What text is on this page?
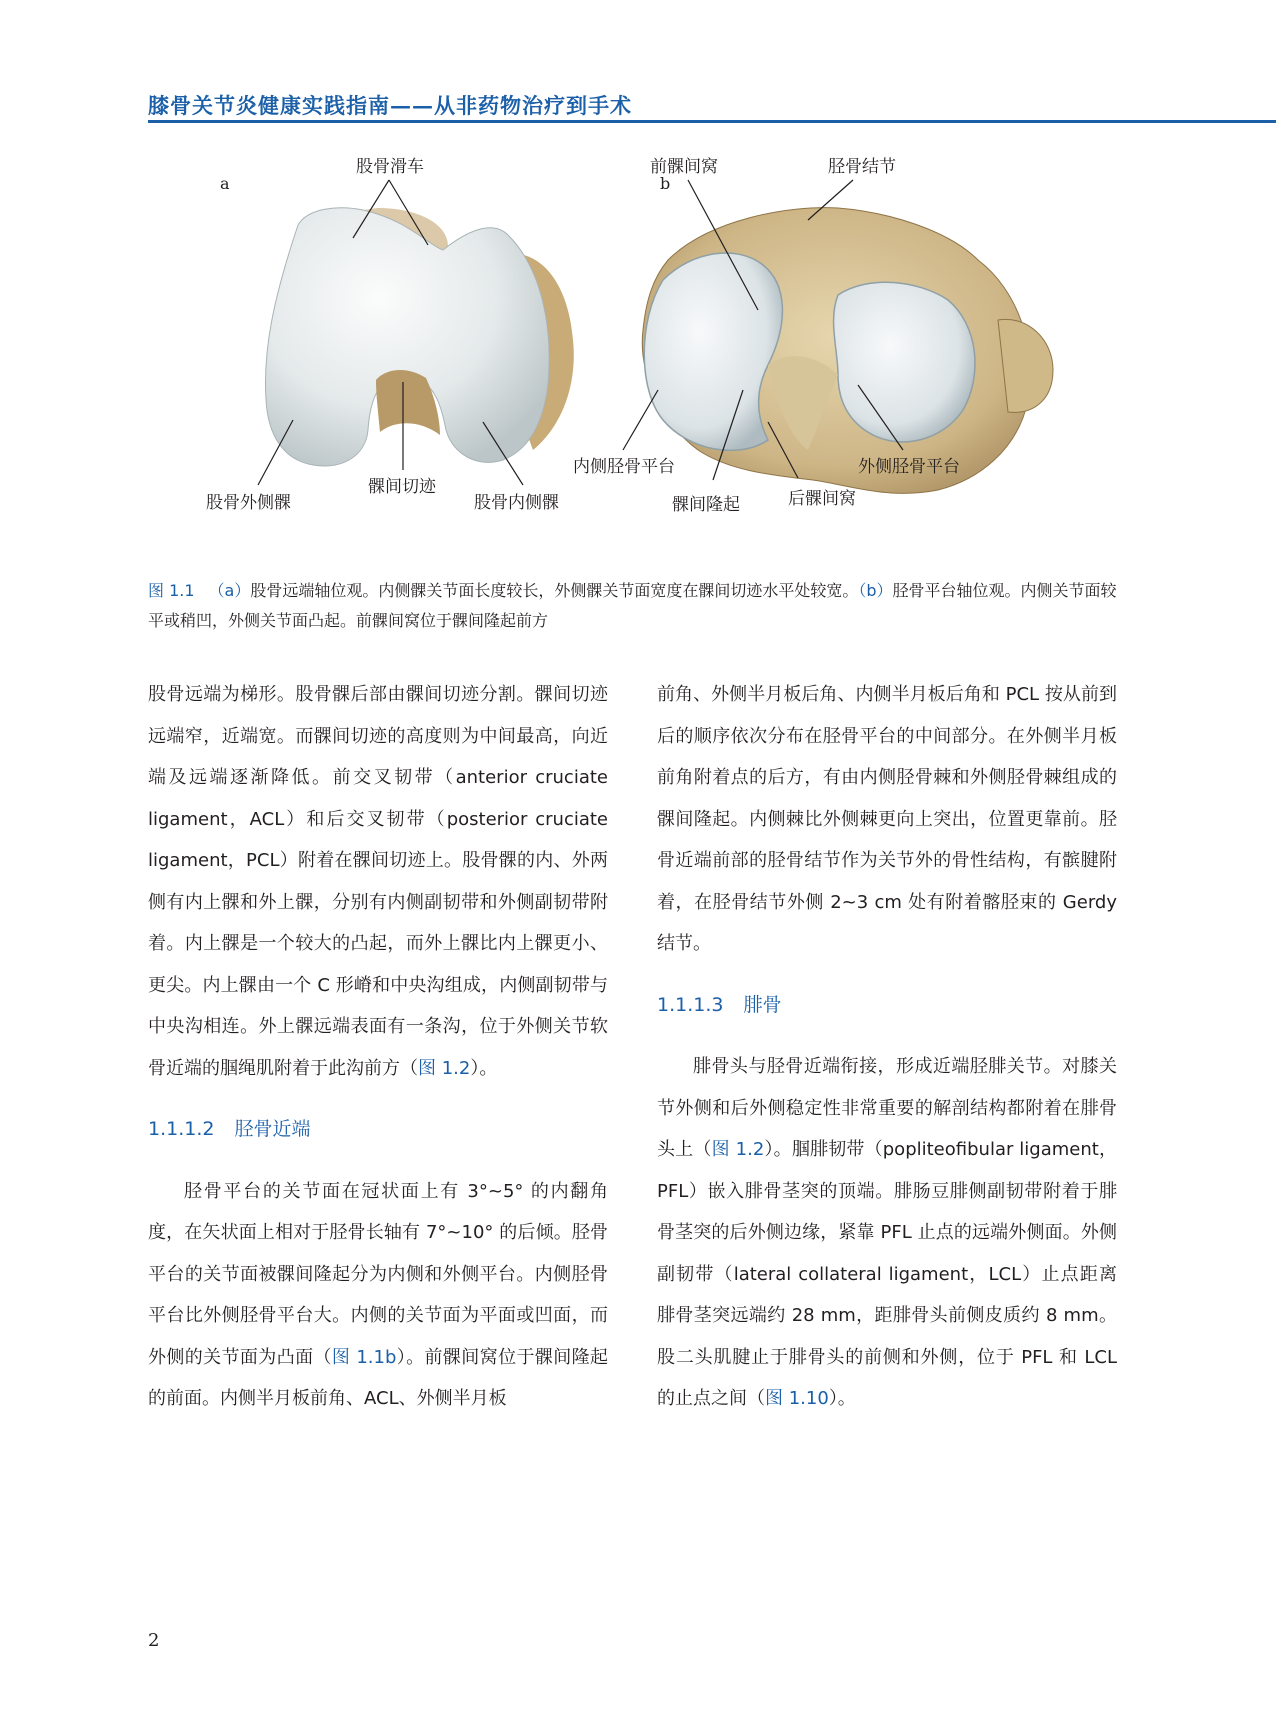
膝骨关节炎健康实践指南——从非药物治疗到手术
a	b
股骨滑车
髁间切迹
股骨外侧髁	股骨内侧髁
前髁间窝	胫骨结节
内侧胫骨平台	外侧胫骨平台
髁间隆起	后髁间窝
图 1.1 （a）股骨远端轴位观。内侧髁关节面长度较长，外侧髁关节面宽度在髁间切迹水平处较宽。（b）胫骨平台轴位观。内侧关节面较平或稍凹，外侧关节面凸起。前髁间窝位于髁间隆起前方

股骨远端为梯形。股骨髁后部由髁间切迹分割。髁间切迹远端窄，近端宽。而髁间切迹的高度则为中间最高，向近端及远端逐渐降低。前交叉韧带（anterior cruciate ligament，ACL）和后交叉韧带（posterior cruciate ligament，PCL）附着在髁间切迹上。股骨髁的内、外两侧有内上髁和外上髁，分别有内侧副韧带和外侧副韧带附着。内上髁是一个较大的凸起，而外上髁比内上髁更小、更尖。内上髁由一个 C 形嵴和中央沟组成，内侧副韧带与中央沟相连。外上髁远端表面有一条沟，位于外侧关节软骨近端的腘绳肌附着于此沟前方（图 1.2）。

1.1.1.2 胫骨近端

胫骨平台的关节面在冠状面上有 3°~5° 的内翻角度，在矢状面上相对于胫骨长轴有 7°~10° 的后倾。胫骨平台的关节面被髁间隆起分为内侧和外侧平台。内侧胫骨平台比外侧胫骨平台大。内侧的关节面为平面或凹面，而外侧的关节面为凸面（图 1.1b）。前髁间窝位于髁间隆起的前面。内侧半月板前角、ACL、外侧半月板

前角、外侧半月板后角、内侧半月板后角和 PCL 按从前到后的顺序依次分布在胫骨平台的中间部分。在外侧半月板前角附着点的后方，有由内侧胫骨棘和外侧胫骨棘组成的髁间隆起。内侧棘比外侧棘更向上突出，位置更靠前。胫骨近端前部的胫骨结节作为关节外的骨性结构，有髌腱附着，在胫骨结节外侧 2~3 cm 处有附着髂胫束的 Gerdy 结节。

1.1.1.3 腓骨

腓骨头与胫骨近端衔接，形成近端胫腓关节。对膝关节外侧和后外侧稳定性非常重要的解剖结构都附着在腓骨头上（图 1.2）。腘腓韧带（popliteofibular ligament，PFL）嵌入腓骨茎突的顶端。腓肠豆腓侧副韧带附着于腓骨茎突的后外侧边缘，紧靠 PFL 止点的远端外侧面。外侧副韧带（lateral collateral ligament，LCL）止点距离腓骨茎突远端约 28 mm，距腓骨头前侧皮质约 8 mm。股二头肌腱止于腓骨头的前侧和外侧，位于 PFL 和 LCL 的止点之间（图 1.10）。

2
